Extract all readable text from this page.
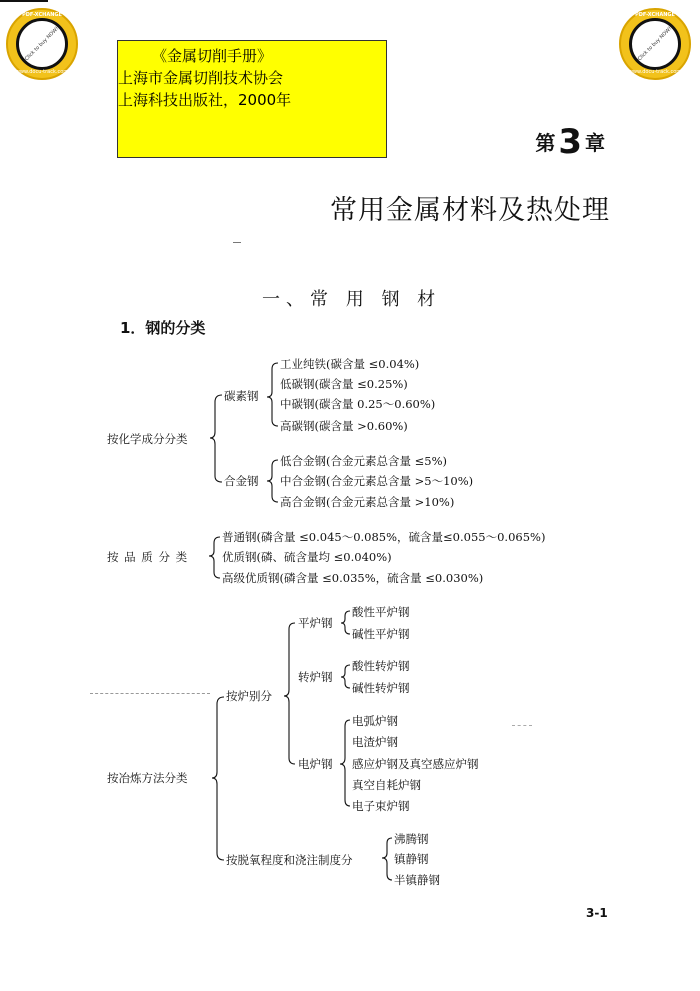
PDF-XCHANGE
Click to buy NOW!
www.docu-track.com
PDF-XCHANGE
Click to buy NOW!
www.docu-track.com
《金属切削手册》
上海市金属切削技术协会
上海科技出版社，2000年
第3 章
常用金属材料及热处理
一、常 用 钢 材
1．钢的分类
按化学成分分类
碳素钢
工业纯铁(碳含量 ≤0.04%)
低碳钢(碳含量 ≤0.25%)
中碳钢(碳含量 0.25～0.60%)
高碳钢(碳含量 >0.60%)
合金钢
低合金钢(合金元素总含量 ≤5%)
中合金钢(合金元素总含量 >5～10%)
高合金钢(合金元素总含量 >10%)
按 品 质 分 类
普通钢(磷含量 ≤0.045～0.085%，硫含量≤0.055～0.065%)
优质钢(磷、硫含量均 ≤0.040%)
高级优质钢(磷含量 ≤0.035%，硫含量 ≤0.030%)
按冶炼方法分类
按炉别分
平炉钢
酸性平炉钢
碱性平炉钢
转炉钢
酸性转炉钢
碱性转炉钢
电炉钢
电弧炉钢
电渣炉钢
感应炉钢及真空感应炉钢
真空自耗炉钢
电子束炉钢
按脱氧程度和浇注制度分
沸腾钢
镇静钢
半镇静钢
3-1
